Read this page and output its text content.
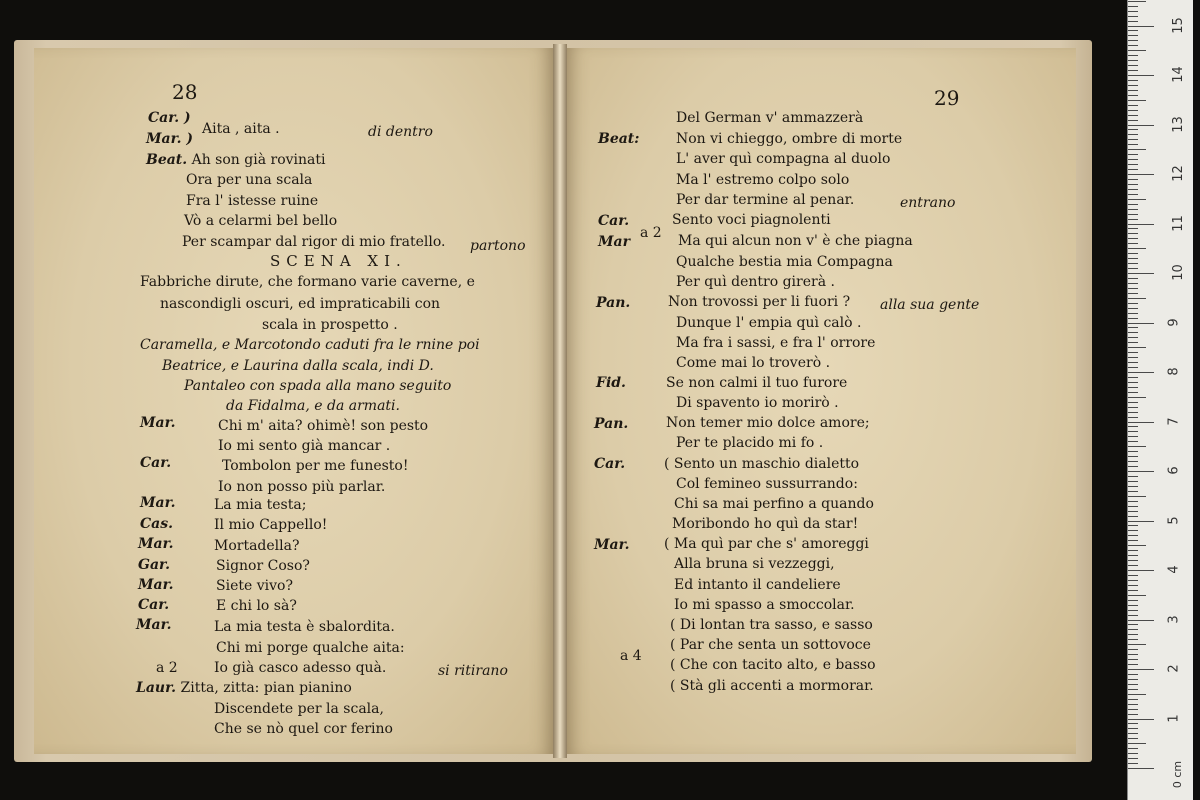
Car. )
Aita , aita .	di dentro
Mar. )
Beat. Ah son già rovinati
Ora per una scala
Fra l' istesse ruine
Vò a celarmi bel bello
Per scampar dal rigor di mio fratello. partono
SCENA XI.
Fabbriche dirute, che formano varie caverne, e
nascondigli oscuri, ed impraticabili con
scala in prospetto .
Caramella, e Marcotondo caduti fra le rnine poi
Beatrice, e Laurina dalla scala, indi D.
Pantaleo con spada alla mano seguito
da Fidalma, e da armati.
Mar.	Chi m' aita? ohimè! son pesto
Io mi sento già mancar .
Car.	Tombolon per me funesto!
Io non posso più parlar.
Mar.	La mia testa;
Cas.	Il mio Cappello!
Mar.	Mortadella?
Gar.	Signor Coso?
Mar.	Siete vivo?
Car.	E chi lo sà?
Mar.	La mia testa è sbalordita.
Chi mi porge qualche aita:
a 2	Io già casco adesso quà.	si ritirano
Laur. Zitta, zitta: pian pianino
Discendete per la scala,
Che se nò quel cor ferino
Del German v' ammazzerà
Beat:	Non vi chieggo, ombre di morte
L' aver quì compagna al duolo
Ma l' estremo colpo solo
Per dar termine al penar.	entrano
Car.	Sento voci piagnolenti
a 2
Mar	Ma qui alcun non v' è che piagna
Qualche bestia mia Compagna
Per quì dentro girerà .
Pan.	Non trovossi per li fuori ? alla sua gente
Dunque l' empia quì calò .
Ma fra i sassi, e fra l' orrore
Come mai lo troverò .
Fid.	Se non calmi il tuo furore
Di spavento io morirò .
Pan.	Non temer mio dolce amore;
Per te placido mi fo .
Car.	( Sento un maschio dialetto
Col femineo sussurrando:
Chi sa mai perfino a quando
Moribondo ho quì da star!
Mar. ( Ma quì par che s' amoreggi
Alla bruna si vezzeggi,
Ed intanto il candeliere
Io mi spasso a smoccolar.
( Di lontan tra sasso, e sasso
( Par che senta un sottovoce
a 4
( Che con tacito alto, e basso
( Stà gli accenti a mormorar.
28	29
15
14
13
12
11
10
9
8
7
6
5
4
3
2
1
0 cm
